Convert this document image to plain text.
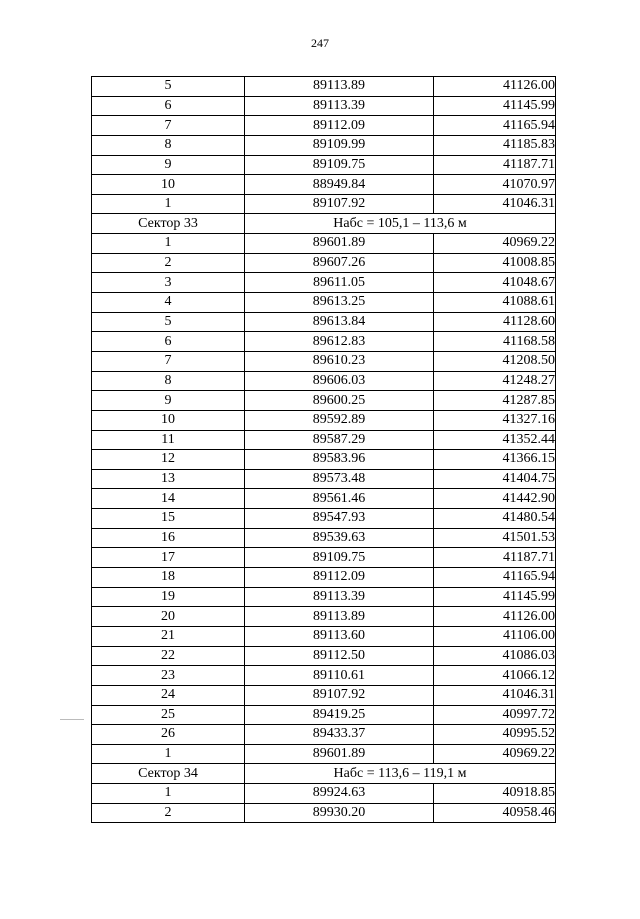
247
5	89113.89	41126.00
6	89113.39	41145.99
7	89112.09	41165.94
8	89109.99	41185.83
9	89109.75	41187.71
10	88949.84	41070.97
1	89107.92	41046.31
Сектор 33	Набс = 105,1 – 113,6 м	
1	89601.89	40969.22
2	89607.26	41008.85
3	89611.05	41048.67
4	89613.25	41088.61
5	89613.84	41128.60
6	89612.83	41168.58
7	89610.23	41208.50
8	89606.03	41248.27
9	89600.25	41287.85
10	89592.89	41327.16
11	89587.29	41352.44
12	89583.96	41366.15
13	89573.48	41404.75
14	89561.46	41442.90
15	89547.93	41480.54
16	89539.63	41501.53
17	89109.75	41187.71
18	89112.09	41165.94
19	89113.39	41145.99
20	89113.89	41126.00
21	89113.60	41106.00
22	89112.50	41086.03
23	89110.61	41066.12
24	89107.92	41046.31
25	89419.25	40997.72
26	89433.37	40995.52
1	89601.89	40969.22
Сектор 34	Набс = 113,6 – 119,1 м	
1	89924.63	40918.85
2	89930.20	40958.46
